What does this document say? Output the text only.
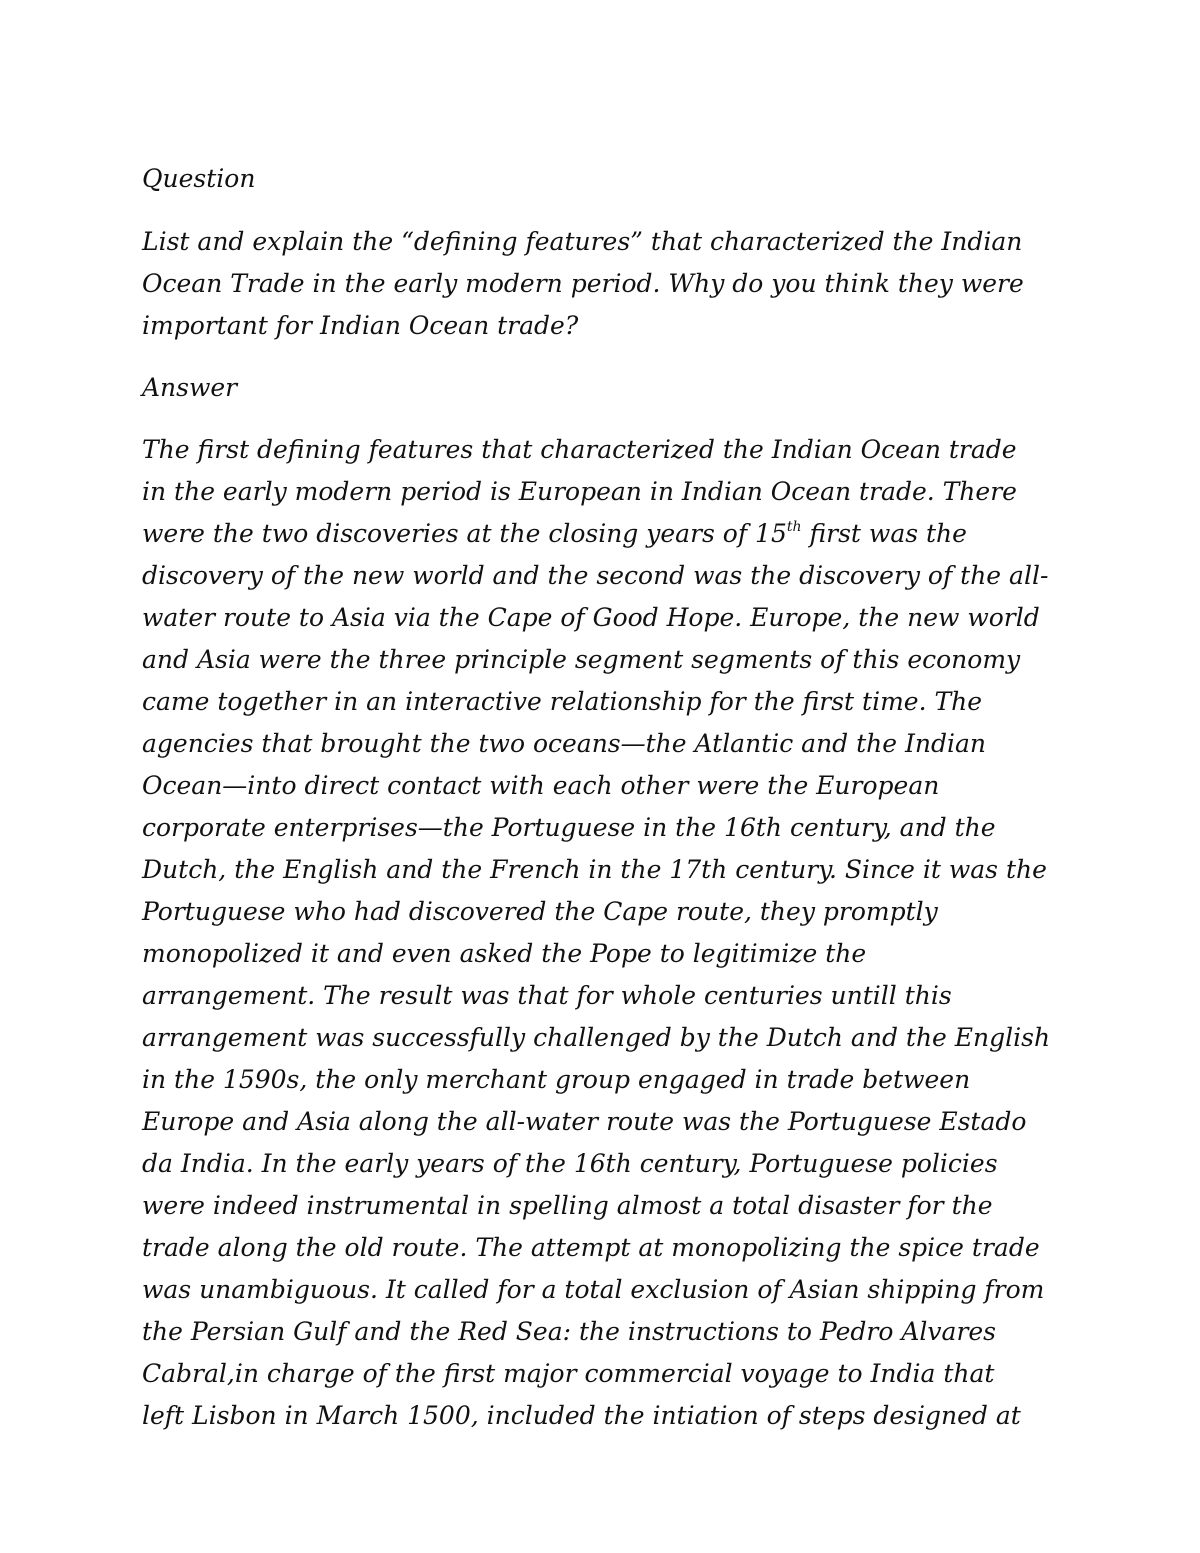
Question

List and explain the “defining features” that characterized the Indian

Ocean Trade in the early modern period. Why do you think they were

important for Indian Ocean trade?

Answer

The first defining features that characterized the Indian Ocean trade

in the early modern period is European in Indian Ocean trade. There

were the two discoveries at the closing years of 15th first was the

discovery of the new world and the second was the discovery of the all-

water route to Asia via the Cape of Good Hope. Europe, the new world

and Asia were the three principle segment segments of this economy

came together in an interactive relationship for the first time. The

agencies that brought the two oceans—the Atlantic and the Indian

Ocean—into direct contact with each other were the European

corporate enterprises—the Portuguese in the 16th century, and the

Dutch, the English and the French in the 17th century. Since it was the

Portuguese who had discovered the Cape route, they promptly

monopolized it and even asked the Pope to legitimize the

arrangement. The result was that for whole centuries untill this

arrangement was successfully challenged by the Dutch and the English

in the 1590s, the only merchant group engaged in trade between

Europe and Asia along the all-water route was the Portuguese Estado

da India. In the early years of the 16th century, Portuguese policies

were indeed instrumental in spelling almost a total disaster for the

trade along the old route. The attempt at monopolizing the spice trade

was unambiguous. It called for a total exclusion of Asian shipping from

the Persian Gulf and the Red Sea: the instructions to Pedro Alvares

Cabral,in charge of the first major commercial voyage to India that

left Lisbon in March 1500, included the intiation of steps designed at
